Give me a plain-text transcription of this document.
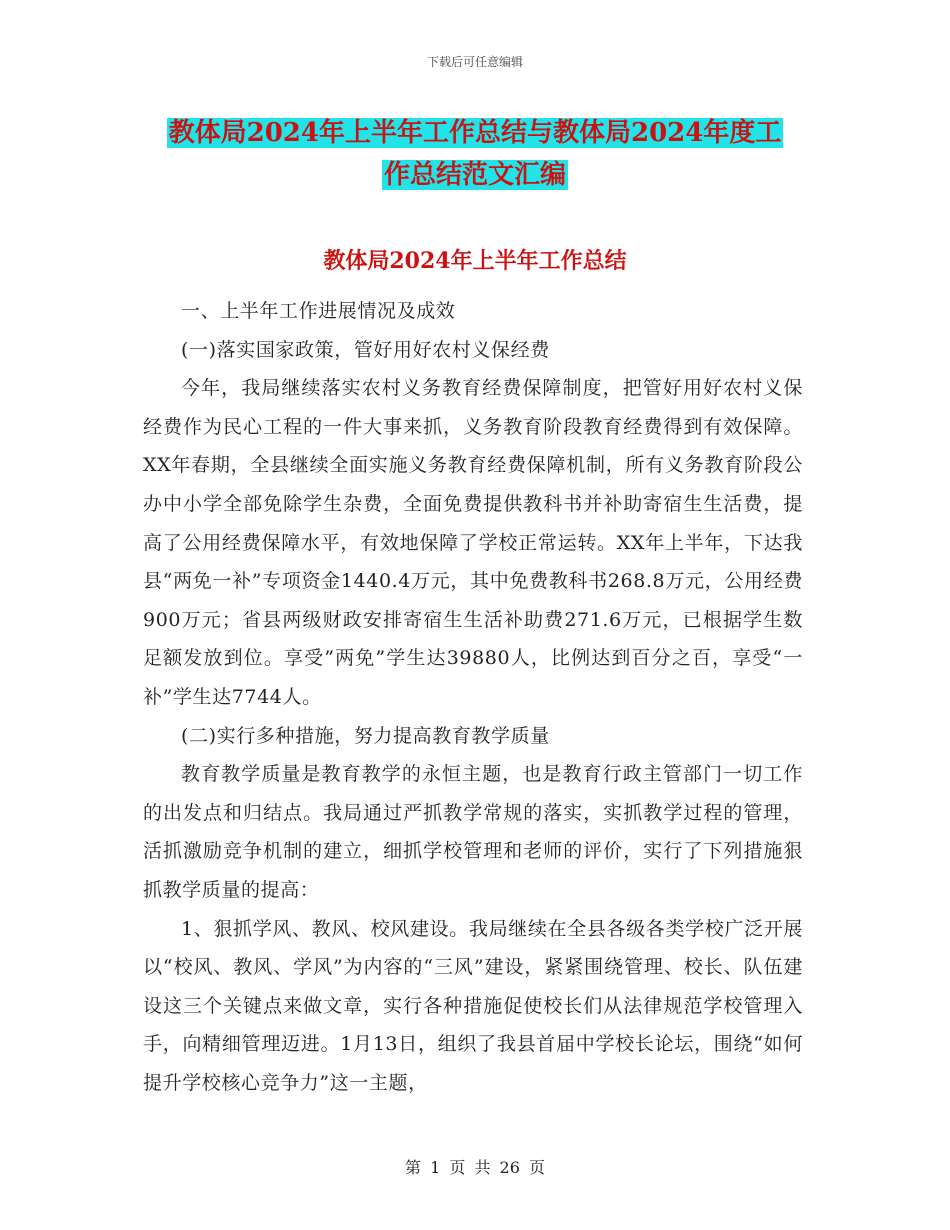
下载后可任意编辑
教体局2024年上半年工作总结与教体局2024年度工
作总结范文汇编
教体局2024年上半年工作总结

一、上半年工作进展情况及成效

(一)落实国家政策，管好用好农村义保经费

今年，我局继续落实农村义务教育经费保障制度，把管好用好农村义保经费作为民心工程的一件大事来抓，义务教育阶段教育经费得到有效保障。XX年春期，全县继续全面实施义务教育经费保障机制，所有义务教育阶段公办中小学全部免除学生杂费，全面免费提供教科书并补助寄宿生生活费，提高了公用经费保障水平，有效地保障了学校正常运转。XX年上半年，下达我县“两免一补”专项资金1440.4万元，其中免费教科书268.8万元，公用经费900万元；省县两级财政安排寄宿生生活补助费271.6万元，已根据学生数足额发放到位。享受”两免”学生达39880人，比例达到百分之百，享受“一补”学生达7744人。

(二)实行多种措施，努力提高教育教学质量

教育教学质量是教育教学的永恒主题，也是教育行政主管部门一切工作的出发点和归结点。我局通过严抓教学常规的落实，实抓教学过程的管理，活抓激励竞争机制的建立，细抓学校管理和老师的评价，实行了下列措施狠抓教学质量的提高：

1、狠抓学风、教风、校风建设。我局继续在全县各级各类学校广泛开展以“校风、教风、学风”为内容的“三风”建设，紧紧围绕管理、校长、队伍建设这三个关键点来做文章，实行各种措施促使校长们从法律规范学校管理入手，向精细管理迈进。1月13日，组织了我县首届中学校长论坛，围绕“如何提升学校核心竞争力”这一主题，

第 1 页 共 26 页
